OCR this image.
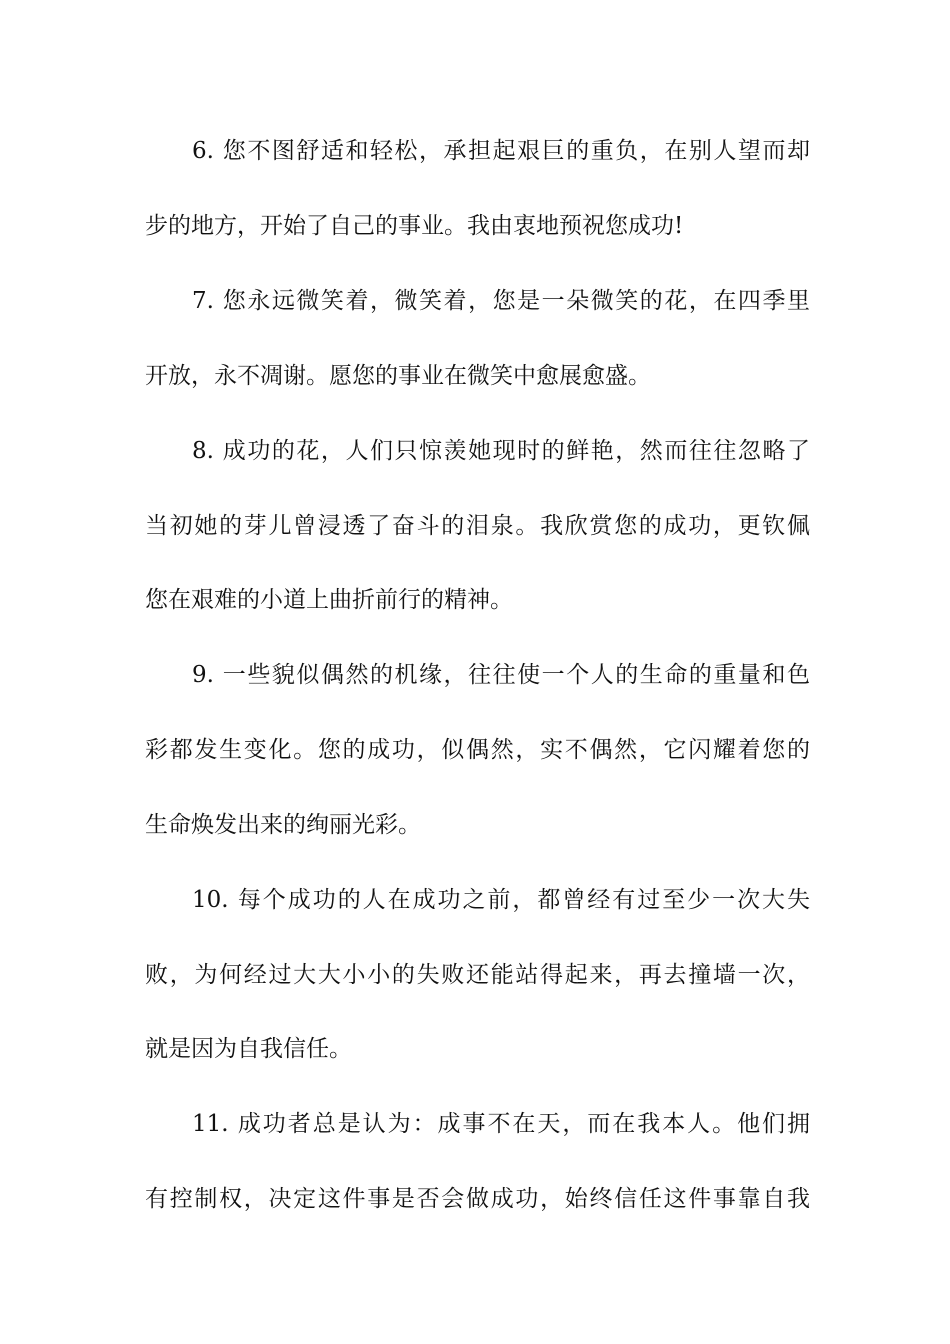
6. 您不图舒适和轻松，承担起艰巨的重负，在别人望而却
步的地方，开始了自己的事业。我由衷地预祝您成功!
7. 您永远微笑着，微笑着，您是一朵微笑的花，在四季里
开放，永不凋谢。愿您的事业在微笑中愈展愈盛。
8. 成功的花，人们只惊羡她现时的鲜艳，然而往往忽略了
当初她的芽儿曾浸透了奋斗的泪泉。我欣赏您的成功，更钦佩
您在艰难的小道上曲折前行的精神。
9. 一些貌似偶然的机缘，往往使一个人的生命的重量和色
彩都发生变化。您的成功，似偶然，实不偶然，它闪耀着您的
生命焕发出来的绚丽光彩。
10. 每个成功的人在成功之前，都曾经有过至少一次大失
败，为何经过大大小小的失败还能站得起来，再去撞墙一次，
就是因为自我信任。
11. 成功者总是认为：成事不在天，而在我本人。他们拥
有控制权，决定这件事是否会做成功，始终信任这件事靠自我
